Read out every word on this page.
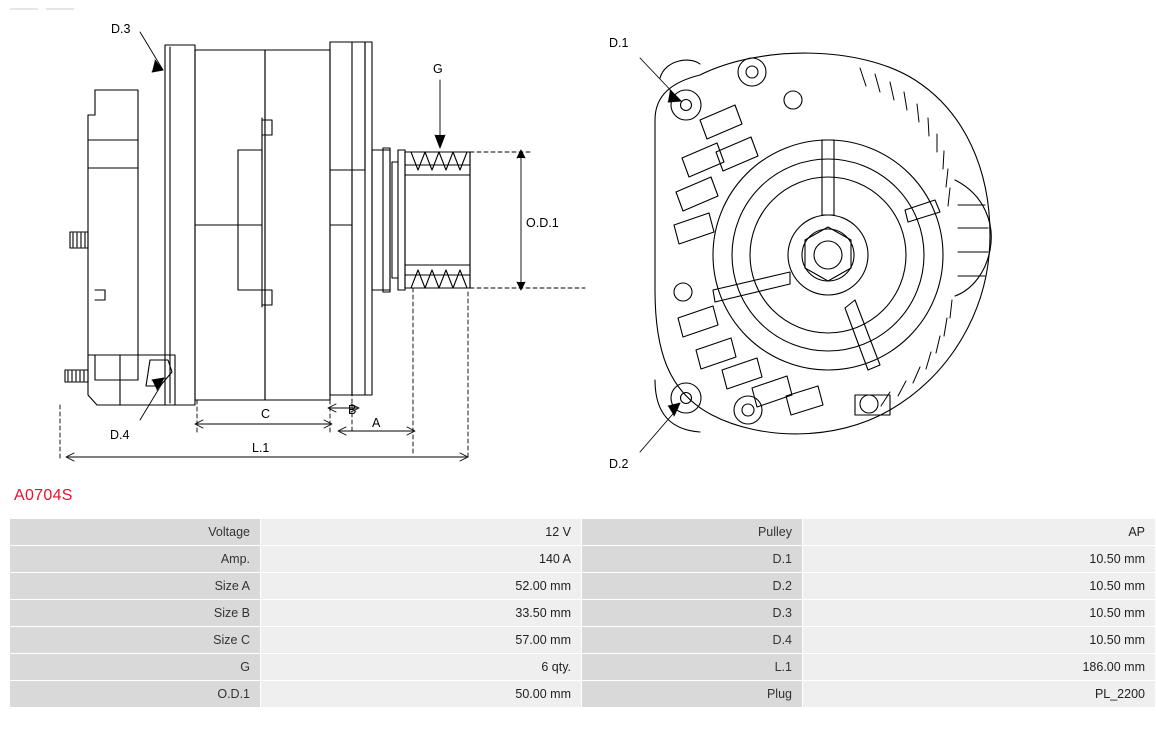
D.3
G
O.D.1
D.4
C	B
A
L.1
D.1
D.2
A0704S
Voltage	12 V	Pulley	AP
Amp.	140 A	D.1	10.50 mm
Size A	52.00 mm	D.2	10.50 mm
Size B	33.50 mm	D.3	10.50 mm
Size C	57.00 mm	D.4	10.50 mm
G	6 qty.	L.1	186.00 mm
O.D.1	50.00 mm	Plug	PL_2200
